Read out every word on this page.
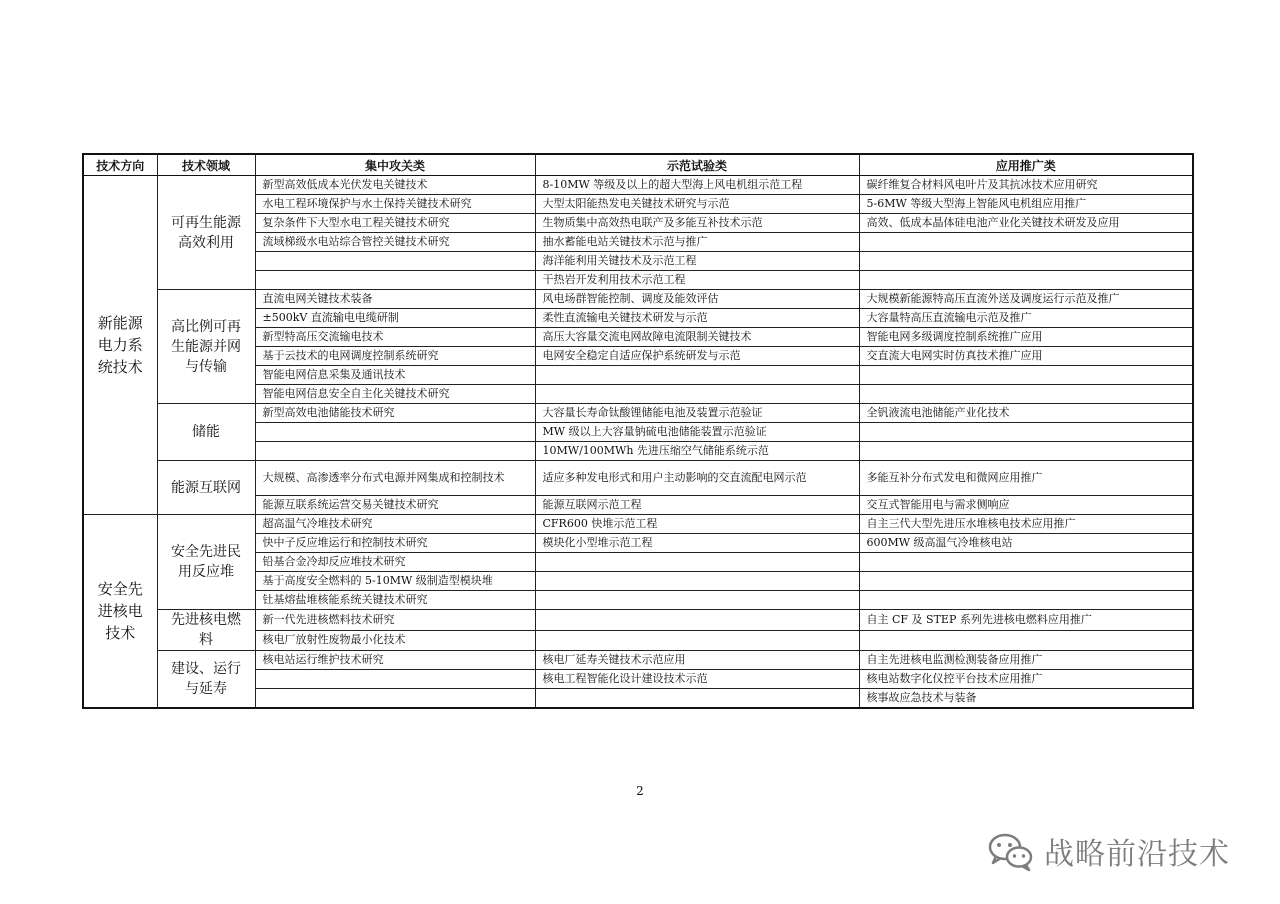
技术方向	技术领域	集中攻关类	示范试验类	应用推广类
新能源电力系统技术	可再生能源高效利用	新型高效低成本光伏发电关键技术	8-10MW 等级及以上的超大型海上风电机组示范工程	碳纤维复合材料风电叶片及其抗冰技术应用研究
		水电工程环境保护与水土保持关键技术研究	大型太阳能热发电关键技术研究与示范	5-6MW 等级大型海上智能风电机组应用推广
		复杂条件下大型水电工程关键技术研究	生物质集中高效热电联产及多能互补技术示范	高效、低成本晶体硅电池产业化关键技术研发及应用
		流域梯级水电站综合管控关键技术研究	抽水蓄能电站关键技术示范与推广	
			海洋能利用关键技术及示范工程	
			干热岩开发利用技术示范工程	
	高比例可再生能源并网与传输	直流电网关键技术装备	风电场群智能控制、调度及能效评估	大规模新能源特高压直流外送及调度运行示范及推广
		±500kV 直流输电电缆研制	柔性直流输电关键技术研发与示范	大容量特高压直流输电示范及推广
		新型特高压交流输电技术	高压大容量交流电网故障电流限制关键技术	智能电网多级调度控制系统推广应用
		基于云技术的电网调度控制系统研究	电网安全稳定自适应保护系统研发与示范	交直流大电网实时仿真技术推广应用
		智能电网信息采集及通讯技术		
		智能电网信息安全自主化关键技术研究		
	储能	新型高效电池储能技术研究	大容量长寿命钛酸锂储能电池及装置示范验证	全钒液流电池储能产业化技术
			MW 级以上大容量钠硫电池储能装置示范验证	
			10MW/100MWh 先进压缩空气储能系统示范	
	能源互联网	大规模、高渗透率分布式电源并网集成和控制技术	适应多种发电形式和用户主动影响的交直流配电网示范	多能互补分布式发电和微网应用推广
		能源互联系统运营交易关键技术研究	能源互联网示范工程	交互式智能用电与需求侧响应
安全先进核电技术	安全先进民用反应堆	超高温气冷堆技术研究	CFR600 快堆示范工程	自主三代大型先进压水堆核电技术应用推广
		快中子反应堆运行和控制技术研究	模块化小型堆示范工程	600MW 级高温气冷堆核电站
		铅基合金冷却反应堆技术研究		
		基于高度安全燃料的 5-10MW 级制造型模块堆		
		钍基熔盐堆核能系统关键技术研究		
	先进核电燃料	新一代先进核燃料技术研究		自主 CF 及 STEP 系列先进核电燃料应用推广
		核电厂放射性废物最小化技术		
	建设、运行与延寿	核电站运行维护技术研究	核电厂延寿关键技术示范应用	自主先进核电监测检测装备应用推广
			核电工程智能化设计建设技术示范	核电站数字化仪控平台技术应用推广
				核事故应急技术与装备
2
战略前沿技术
